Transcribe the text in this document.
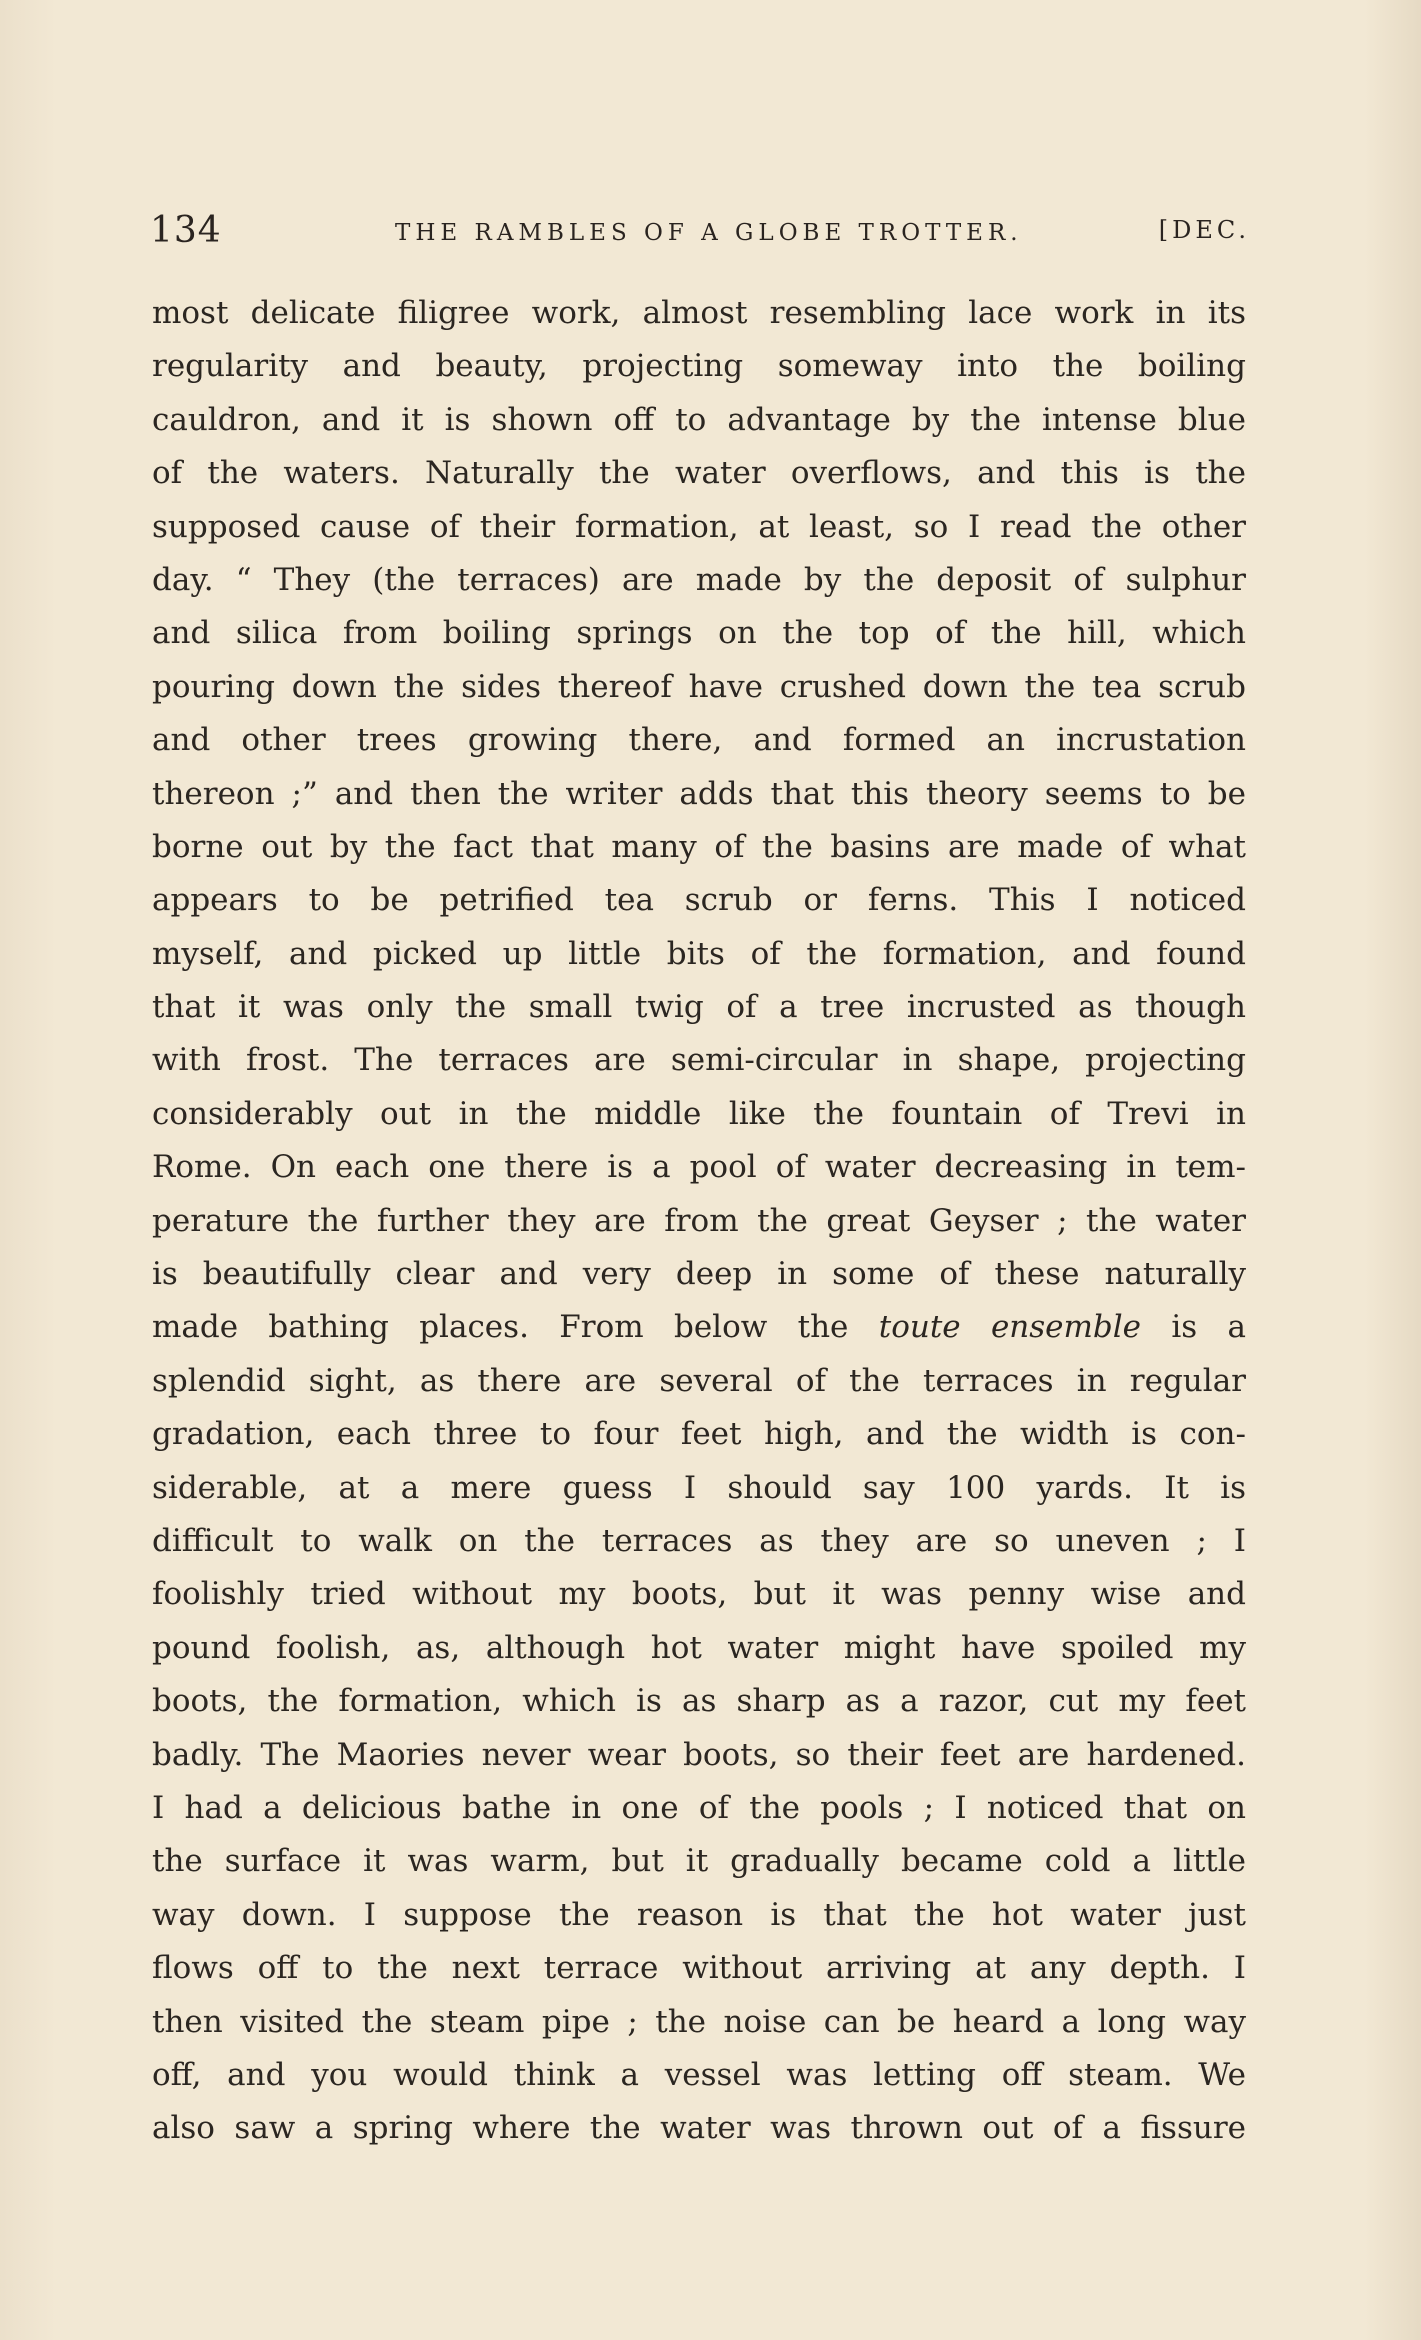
134	THE RAMBLES OF A GLOBE TROTTER.	[DEC.
most delicate filigree work, almost resembling lace work in its
regularity and beauty, projecting someway into the boiling
cauldron, and it is shown off to advantage by the intense blue
of the waters. Naturally the water overflows, and this is the
supposed cause of their formation, at least, so I read the other
day. “ They (the terraces) are made by the deposit of sulphur
and silica from boiling springs on the top of the hill, which
pouring down the sides thereof have crushed down the tea scrub
and other trees growing there, and formed an incrustation
thereon ;” and then the writer adds that this theory seems to be
borne out by the fact that many of the basins are made of what
appears to be petrified tea scrub or ferns. This I noticed
myself, and picked up little bits of the formation, and found
that it was only the small twig of a tree incrusted as though
with frost. The terraces are semi-circular in shape, projecting
considerably out in the middle like the fountain of Trevi in
Rome. On each one there is a pool of water decreasing in tem-
perature the further they are from the great Geyser ; the water
is beautifully clear and very deep in some of these naturally
made bathing places. From below the toute ensemble is a
splendid sight, as there are several of the terraces in regular
gradation, each three to four feet high, and the width is con-
siderable, at a mere guess I should say 100 yards. It is
difficult to walk on the terraces as they are so uneven ; I
foolishly tried without my boots, but it was penny wise and
pound foolish, as, although hot water might have spoiled my
boots, the formation, which is as sharp as a razor, cut my feet
badly. The Maories never wear boots, so their feet are hardened.
I had a delicious bathe in one of the pools ; I noticed that on
the surface it was warm, but it gradually became cold a little
way down. I suppose the reason is that the hot water just
flows off to the next terrace without arriving at any depth. I
then visited the steam pipe ; the noise can be heard a long way
off, and you would think a vessel was letting off steam. We
also saw a spring where the water was thrown out of a fissure
